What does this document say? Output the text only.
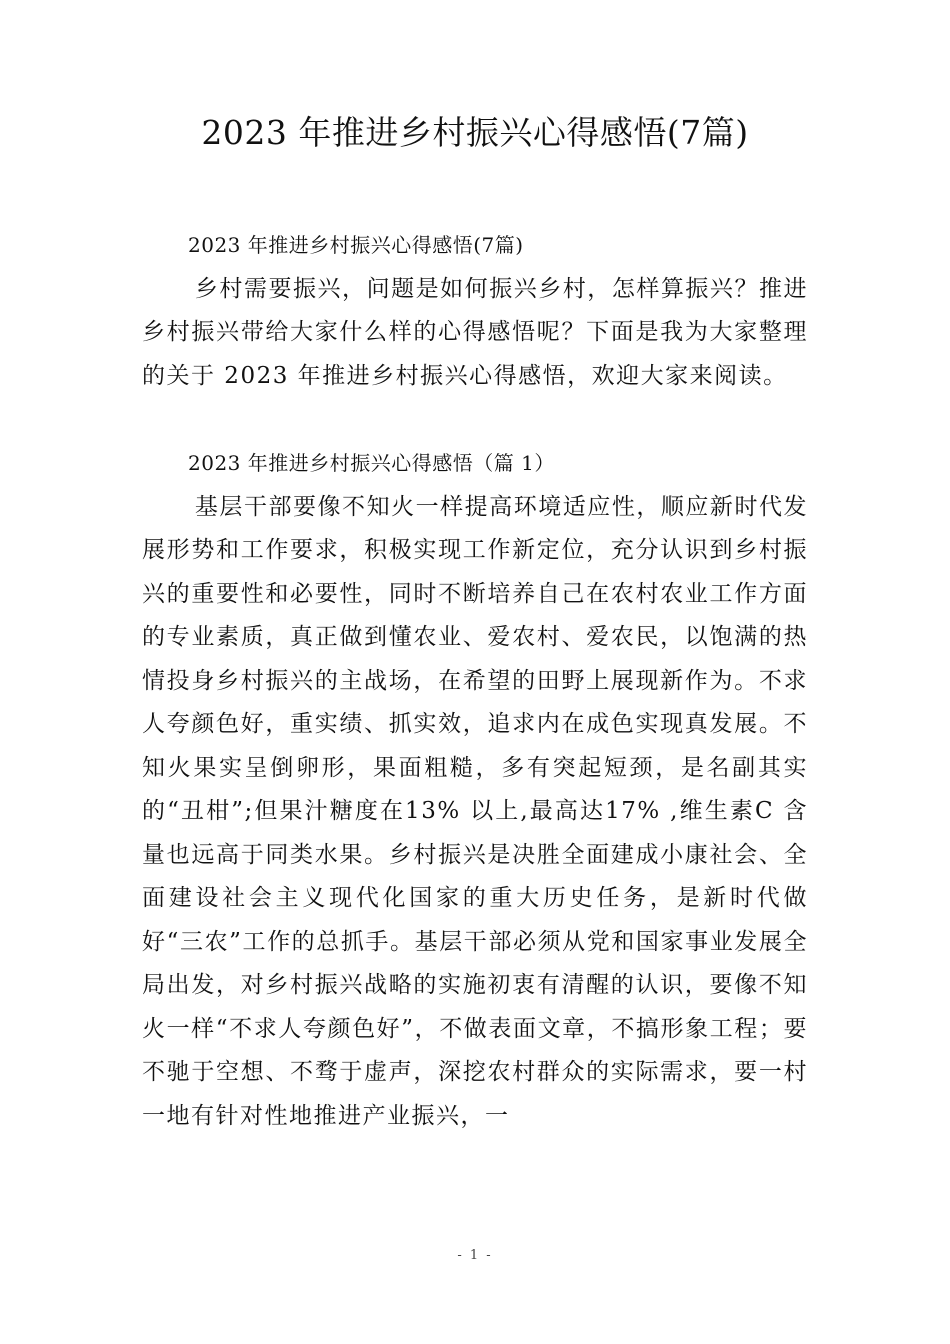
2023 年推进乡村振兴心得感悟(7篇)

2023 年推进乡村振兴心得感悟(7篇)

乡村需要振兴，问题是如何振兴乡村，怎样算振兴？推进乡村振兴带给大家什么样的心得感悟呢？下面是我为大家整理的关于 2023 年推进乡村振兴心得感悟，欢迎大家来阅读。

2023 年推进乡村振兴心得感悟（篇 1）

基层干部要像不知火一样提高环境适应性，顺应新时代发展形势和工作要求，积极实现工作新定位，充分认识到乡村振兴的重要性和必要性，同时不断培养自己在农村农业工作方面的专业素质，真正做到懂农业、爱农村、爱农民，以饱满的热情投身乡村振兴的主战场，在希望的田野上展现新作为。不求人夸颜色好，重实绩、抓实效，追求内在成色实现真发展。不知火果实呈倒卵形，果面粗糙，多有突起短颈，是名副其实的“丑柑”;但果汁糖度在13% 以上,最高达17% ,维生素C 含量也远高于同类水果。乡村振兴是决胜全面建成小康社会、全面建设社会主义现代化国家的重大历史任务，是新时代做好“三农”工作的总抓手。基层干部必须从党和国家事业发展全局出发，对乡村振兴战略的实施初衷有清醒的认识，要像不知火一样“不求人夸颜色好”，不做表面文章，不搞形象工程；要不驰于空想、不骛于虚声，深挖农村群众的实际需求，要一村一地有针对性地推进产业振兴，一

- 1 -
